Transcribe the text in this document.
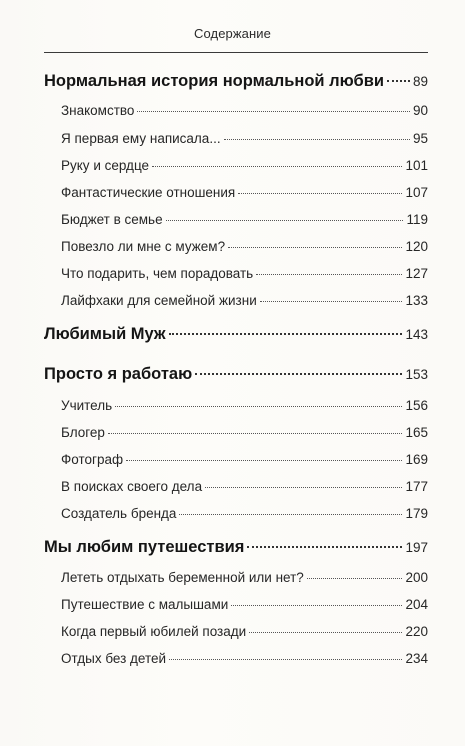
Содержание
Нормальная история нормальной любви 89
Знакомство	90
Я первая ему написала...	95
Руку и сердце	101
Фантастические отношения	107
Бюджет в семье	119
Повезло ли мне с мужем?	120
Что подарить, чем порадовать	127
Лайфхаки для семейной жизни	133
Любимый Муж	143
Просто я работаю	153
Учитель	156
Блогер	165
Фотограф	169
В поисках своего дела	177
Создатель бренда	179
Мы любим путешествия	197
Лететь отдыхать беременной или нет?	200
Путешествие с малышами	204
Когда первый юбилей позади	220
Отдых без детей	234
